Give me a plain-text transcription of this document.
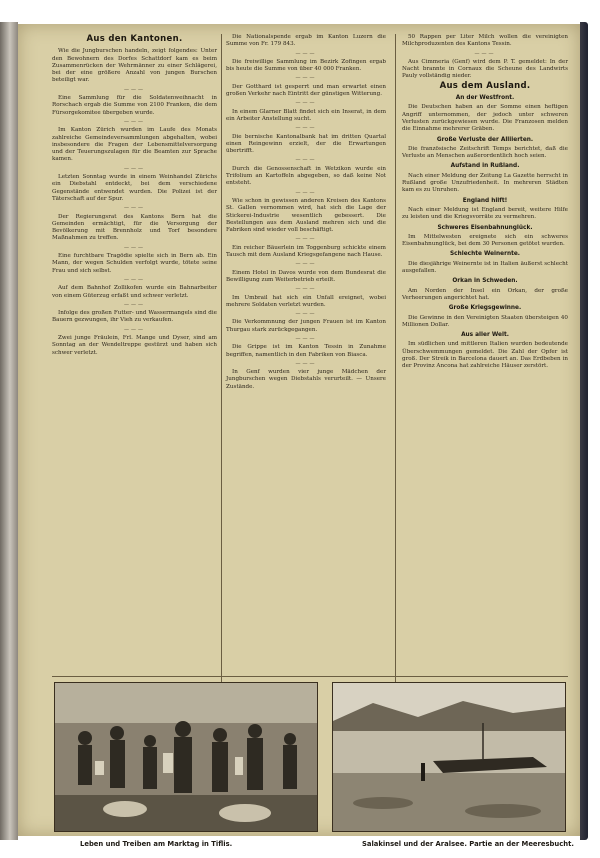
Aus den Kantonen.

Wie die Jungburschen handeln, zeigt folgendes: Unter den Bewohnern des Dorfes Schattdorf kam es beim Zusammenrücken der Wehrmänner zu einer Schlägerei, bei der eine größere Anzahl von jungen Burschen beteiligt war.

———

Eine Sammlung für die Soldatenweihnacht in Rorschach ergab die Summe von 2100 Franken, die dem Fürsorgekomitee übergeben wurde.

———

Im Kanton Zürich wurden im Laufe des Monats zahlreiche Gemeindeversammlungen abgehalten, wobei insbesondere die Fragen der Lebensmittelversorgung und der Teuerungszulagen für die Beamten zur Sprache kamen.

———

Letzten Sonntag wurde in einem Weinhandel Zürichs ein Diebstahl entdeckt, bei dem verschiedene Gegenstände entwendet wurden. Die Polizei ist der Täterschaft auf der Spur.

———

Der Regierungsrat des Kantons Bern hat die Gemeinden ermächtigt, für die Versorgung der Bevölkerung mit Brennholz und Torf besondere Maßnahmen zu treffen.

———

Eine furchtbare Tragödie spielte sich in Bern ab. Ein Mann, der wegen Schulden verfolgt wurde, tötete seine Frau und sich selbst.

———

Auf dem Bahnhof Zollikofen wurde ein Bahnarbeiter von einem Güterzug erfaßt und schwer verletzt.

———

Infolge des großen Futter- und Wassermangels sind die Bauern gezwungen, ihr Vieh zu verkaufen.

———

Zwei junge Fräulein, Frl. Mange und Dyser, sind am Sonntag an der Wendeltreppe gestürzt und haben sich schwer verletzt.

Die Nationalspende ergab im Kanton Luzern die Summe von Fr. 179 843.

———

Die freiwillige Sammlung im Bezirk Zofingen ergab bis heute die Summe von über 40 000 Franken.

———

Der Gotthard ist gesperrt und man erwartet einen großen Verkehr nach Eintritt der günstigen Witterung.

———

In einem Glarner Blatt findet sich ein Inserat, in dem ein Arbeiter Anstellung sucht.

———

Die bernische Kantonalbank hat im dritten Quartal einen Reingewinn erzielt, der die Erwartungen übertrifft.

———

Durch die Genossenschaft in Wetzikon wurde ein Trifolium an Kartoffeln abgegeben, so daß keine Not entsteht.

———

Wie schon in gewissen anderen Kreisen des Kantons St. Gallen vernommen wird, hat sich die Lage der Stickerei-Industrie wesentlich gebessert. Die Bestellungen aus dem Ausland mehren sich und die Fabriken sind wieder voll beschäftigt.

———

Ein reicher Bäuerlein im Toggenburg schickte einem Tausch mit dem Ausland Kriegsgefangene nach Hause.

———

Einem Hotel in Davos wurde von dem Bundesrat die Bewilligung zum Weiterbetrieb erteilt.

———

Im Umbrail hat sich ein Unfall ereignet, wobei mehrere Soldaten verletzt wurden.

———

Die Verkommnung der jungen Frauen ist im Kanton Thurgau stark zurückgegangen.

———

Die Grippe ist im Kanton Tessin in Zunahme begriffen, namentlich in den Fabriken von Biasca.

———

In Genf wurden vier junge Mädchen der Jungburschen wegen Diebstahls verurteilt. — Unsere Zustände.

50 Rappen per Liter Milch wollen die vereinigten Milchproduzenten des Kantons Tessin.

———

Aus Cimmeria (Genf) wird dem P. T. gemeldet: In der Nacht brannte in Cornaux die Scheune des Landwirts Pauly vollständig nieder.

Aus dem Ausland.
An der Westfront.

Die Deutschen haben an der Somme einen heftigen Angriff unternommen, der jedoch unter schweren Verlusten zurückgewiesen wurde. Die Franzosen melden die Einnahme mehrerer Gräben.

Große Verluste der Alliierten.

Die französische Zeitschrift Temps berichtet, daß die Verluste an Menschen außerordentlich hoch seien.

Aufstand in Rußland.

Nach einer Meldung der Zeitung La Gazette herrscht in Rußland große Unzufriedenheit. In mehreren Städten kam es zu Unruhen.

England hilft!

Nach einer Meldung ist England bereit, weitere Hilfe zu leisten und die Kriegsvorräte zu vermehren.

Schweres Eisenbahnunglück.

Im Mittelwesten ereignete sich ein schweres Eisenbahnunglück, bei dem 30 Personen getötet wurden.

Schlechte Weinernte.

Die diesjährige Weinernte ist in Italien äußerst schlecht ausgefallen.

Orkan in Schweden.

Am Norden der Insel ein Orkan, der große Verheerungen angerichtet hat.

Große Kriegsgewinne.

Die Gewinne in den Vereinigten Staaten übersteigen 40 Millionen Dollar.

Aus aller Welt.

Im südlichen und mittleren Italien wurden bedeutende Überschwemmungen gemeldet. Die Zahl der Opfer ist groß. Der Streik in Barcelona dauert an. Das Erdbeben in der Provinz Ancona hat zahlreiche Häuser zerstört.

Leben und Treiben am Marktag in Tiflis.	Salakinsel und der Aralsee. Partie an der Meeresbucht.
